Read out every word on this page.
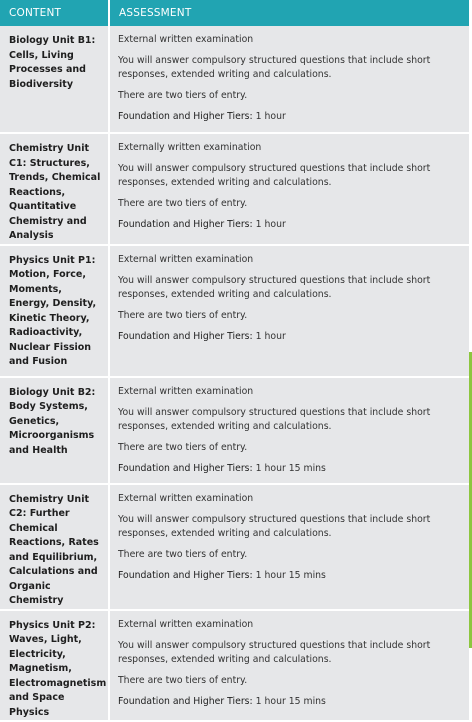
CONTENT	ASSESSMENT
Biology Unit B1: Cells, Living Processes and Biodiversity	External written examination

You will answer compulsory structured questions that include short responses, extended writing and calculations.

There are two tiers of entry.

Foundation and Higher Tiers: 1 hour

Chemistry Unit C1: Structures, Trends, Chemical Reactions, Quantitative Chemistry and Analysis	Externally written examination

You will answer compulsory structured questions that include short responses, extended writing and calculations.

There are two tiers of entry.

Foundation and Higher Tiers: 1 hour

Physics Unit P1: Motion, Force, Moments, Energy, Density, Kinetic Theory, Radioactivity, Nuclear Fission and Fusion	External written examination

You will answer compulsory structured questions that include short responses, extended writing and calculations.

There are two tiers of entry.

Foundation and Higher Tiers: 1 hour

Biology Unit B2: Body Systems, Genetics, Microorganisms and Health	External written examination

You will answer compulsory structured questions that include short responses, extended writing and calculations.

There are two tiers of entry.

Foundation and Higher Tiers: 1 hour 15 mins

Chemistry Unit C2: Further Chemical Reactions, Rates and Equilibrium, Calculations and Organic Chemistry	External written examination

You will answer compulsory structured questions that include short responses, extended writing and calculations.

There are two tiers of entry.

Foundation and Higher Tiers: 1 hour 15 mins

Physics Unit P2: Waves, Light, Electricity, Magnetism, Electromagnetism and Space Physics	External written examination

You will answer compulsory structured questions that include short responses, extended writing and calculations.

There are two tiers of entry.

Foundation and Higher Tiers: 1 hour 15 mins
